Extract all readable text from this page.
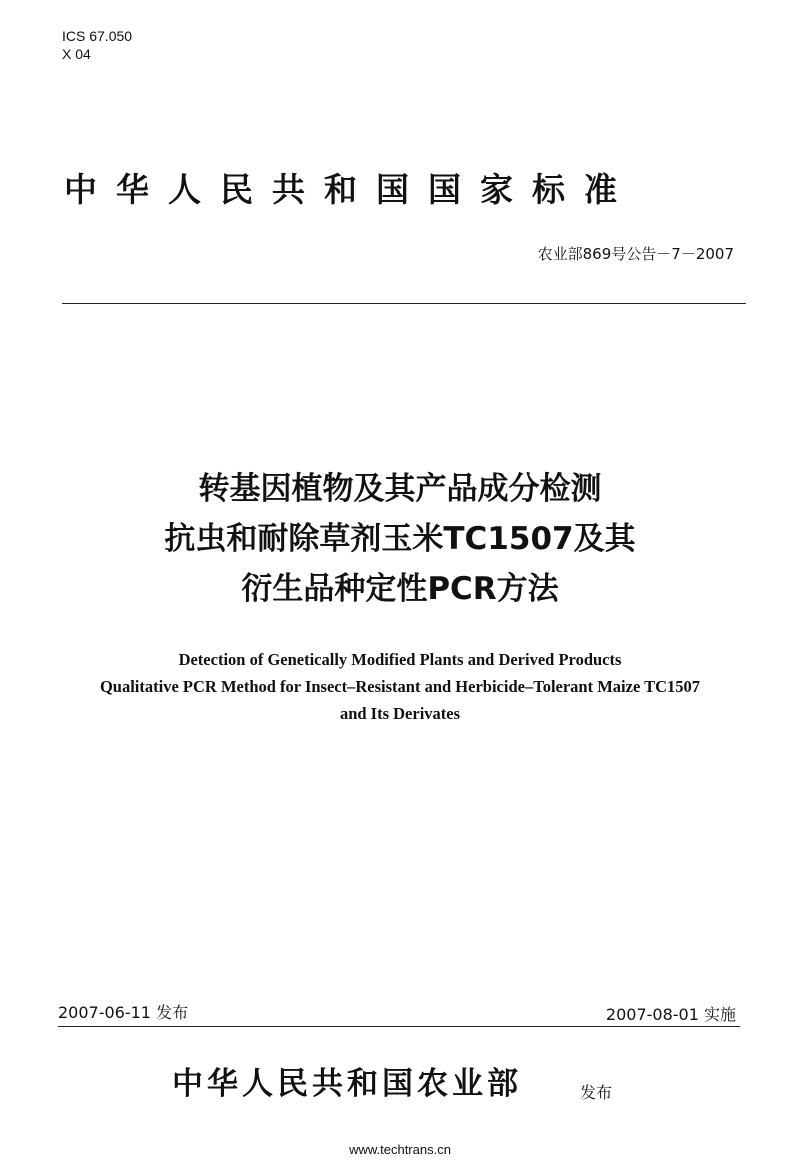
ICS 67.050
X 04
中华人民共和国国家标准
农业部869号公告－7－2007
转基因植物及其产品成分检测
抗虫和耐除草剂玉米TC1507及其
衍生品种定性PCR方法
Detection of Genetically Modified Plants and Derived Products
Qualitative PCR Method for Insect–Resistant and Herbicide–Tolerant Maize TC1507
and Its Derivates
2007-06-11 发布	2007-08-01 实施
中华人民共和国农业部	发布
www.techtrans.cn
